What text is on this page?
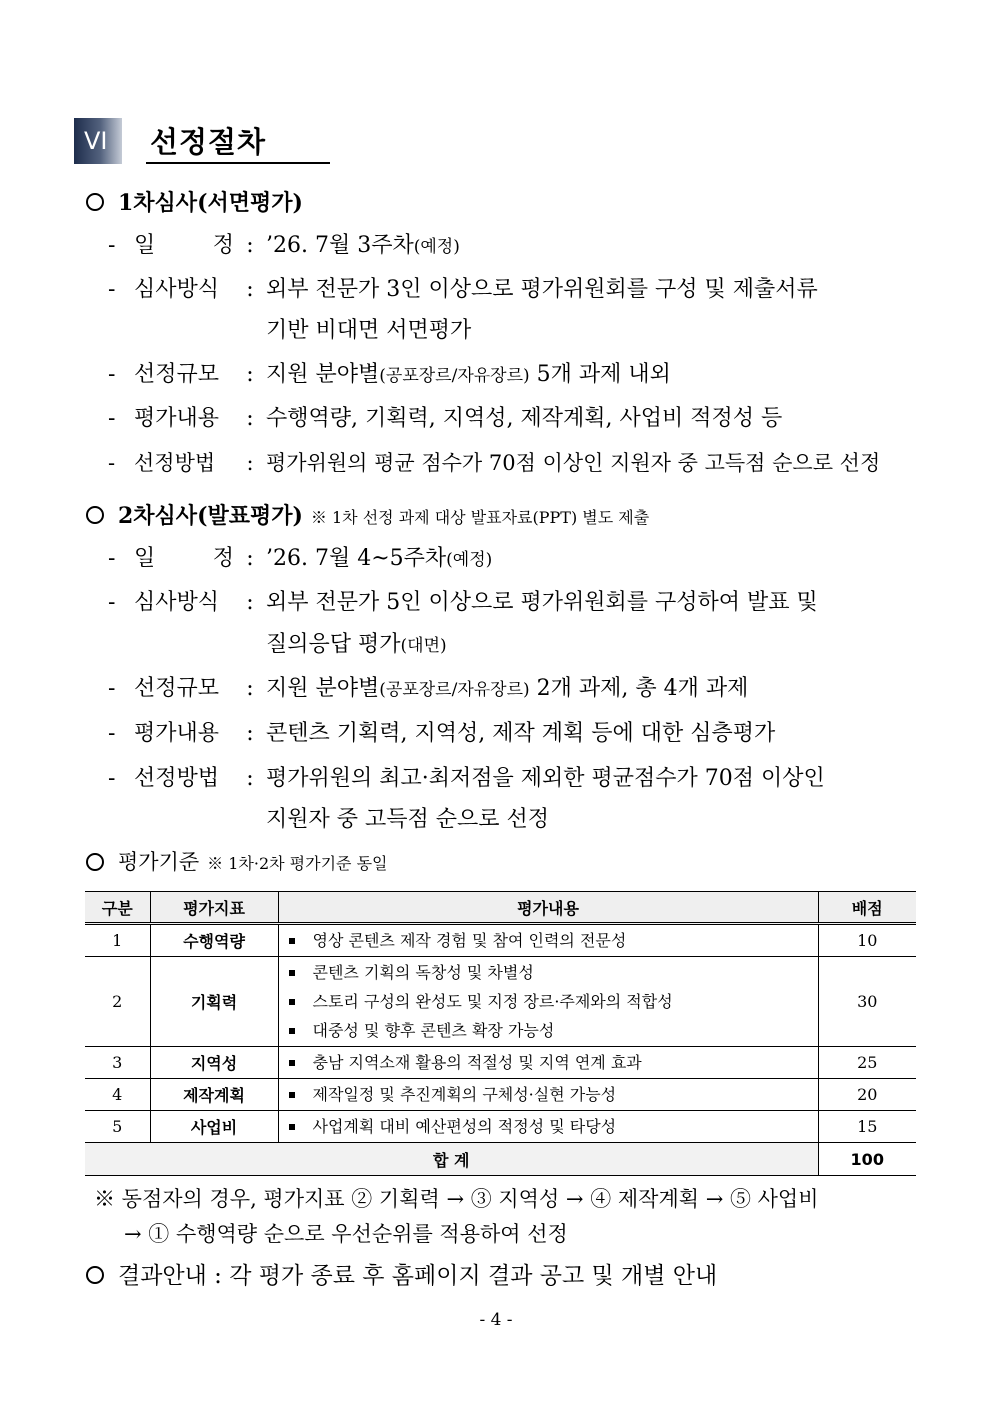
VI	선정절차
1차심사(서면평가)
- 일 정 : ’26. 7월 3주차(예정)
- 심사방식 : 외부 전문가 3인 이상으로 평가위원회를 구성 및 제출서류
기반 비대면 서면평가
- 선정규모 : 지원 분야별(공포장르/자유장르) 5개 과제 내외
- 평가내용 : 수행역량, 기획력, 지역성, 제작계획, 사업비 적정성 등
- 선정방법 : 평가위원의 평균 점수가 70점 이상인 지원자 중 고득점 순으로 선정
2차심사(발표평가) ※ 1차 선정 과제 대상 발표자료(PPT) 별도 제출
- 일 정 : ’26. 7월 4~5주차(예정)
- 심사방식 : 외부 전문가 5인 이상으로 평가위원회를 구성하여 발표 및
질의응답 평가(대면)
- 선정규모 : 지원 분야별(공포장르/자유장르) 2개 과제, 총 4개 과제
- 평가내용 : 콘텐츠 기획력, 지역성, 제작 계획 등에 대한 심층평가
- 선정방법 : 평가위원의 최고·최저점을 제외한 평균점수가 70점 이상인
지원자 중 고득점 순으로 선정
평가기준 ※ 1차·2차 평가기준 동일
구분	평가지표	평가내용	배점
1	수행역량	영상 콘텐츠 제작 경험 및 참여 인력의 전문성	10
2	기획력	콘텐츠 기획의 독창성 및 차별성
스토리 구성의 완성도 및 지정 장르·주제와의 적합성
대중성 및 향후 콘텐츠 확장 가능성	30
3	지역성	충남 지역소재 활용의 적절성 및 지역 연계 효과	25
4	제작계획	제작일정 및 추진계획의 구체성·실현 가능성	20
5	사업비	사업계획 대비 예산편성의 적정성 및 타당성	15
합 계			100
※ 동점자의 경우, 평가지표 ② 기획력 → ③ 지역성 → ④ 제작계획 → ⑤ 사업비
→ ① 수행역량 순으로 우선순위를 적용하여 선정
결과안내 : 각 평가 종료 후 홈페이지 결과 공고 및 개별 안내
- 4 -
